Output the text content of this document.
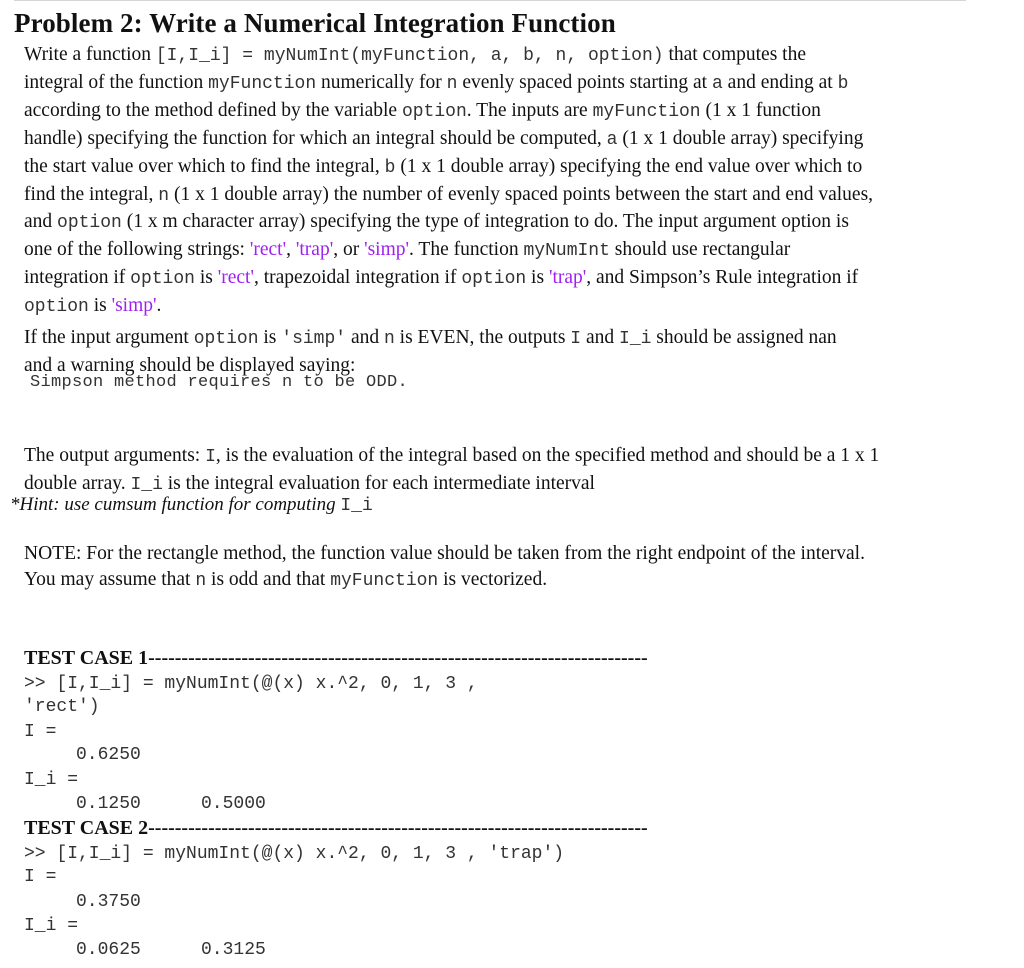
Problem 2: Write a Numerical Integration Function
Write a function [I,I_i] = myNumInt(myFunction, a, b, n, option) that computes the
integral of the function myFunction numerically for n evenly spaced points starting at a and ending at b
according to the method defined by the variable option. The inputs are myFunction (1 x 1 function
handle) specifying the function for which an integral should be computed, a (1 x 1 double array) specifying
the start value over which to find the integral, b (1 x 1 double array) specifying the end value over which to
find the integral, n (1 x 1 double array) the number of evenly spaced points between the start and end values,
and option (1 x m character array) specifying the type of integration to do. The input argument option is
one of the following strings: 'rect', 'trap', or 'simp'. The function myNumInt should use rectangular
integration if option is 'rect', trapezoidal integration if option is 'trap', and Simpson’s Rule integration if
option is 'simp'.
If the input argument option is 'simp' and n is EVEN, the outputs I and I_i should be assigned nan
and a warning should be displayed saying:
Simpson method requires n to be ODD.
The output arguments: I, is the evaluation of the integral based on the specified method and should be a 1 x 1
double array. I_i is the integral evaluation for each intermediate interval
*Hint: use cumsum function for computing I_i
NOTE: For the rectangle method, the function value should be taken from the right endpoint of the interval.
You may assume that n is odd and that myFunction is vectorized.
TEST CASE 1---------------------------------------------------------------------------
>> [I,I_i] = myNumInt(@(x) x.^2, 0, 1, 3 ,
'rect')
I =
0.6250
I_i =
0.1250	0.5000
TEST CASE 2---------------------------------------------------------------------------
>> [I,I_i] = myNumInt(@(x) x.^2, 0, 1, 3 , 'trap')
I =
0.3750
I_i =
0.0625	0.3125
